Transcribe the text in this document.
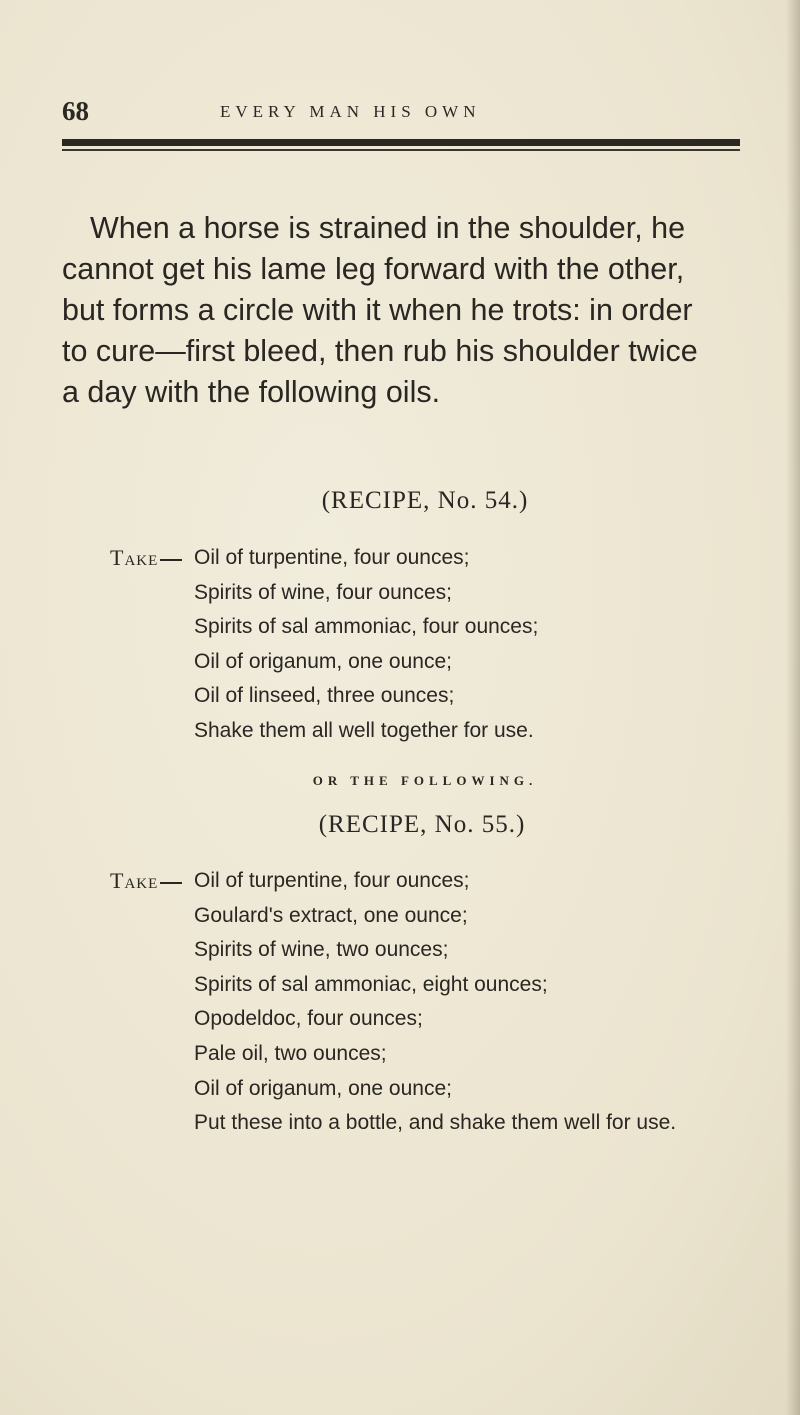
68	EVERY MAN HIS OWN
When a horse is strained in the shoulder, he
cannot get his lame leg forward with the other,
but forms a circle with it when he trots: in order
to cure—first bleed, then rub his shoulder twice
a day with the following oils.
(RECIPE, No. 54.)
Take	Oil of turpentine, four ounces;
Spirits of wine, four ounces;
Spirits of sal ammoniac, four ounces;
Oil of origanum, one ounce;
Oil of linseed, three ounces;
Shake them all well together for use.
OR THE FOLLOWING.
(RECIPE, No. 55.)
Take	Oil of turpentine, four ounces;
Goulard's extract, one ounce;
Spirits of wine, two ounces;
Spirits of sal ammoniac, eight ounces;
Opodeldoc, four ounces;
Pale oil, two ounces;
Oil of origanum, one ounce;
Put these into a bottle, and shake them well for use.
